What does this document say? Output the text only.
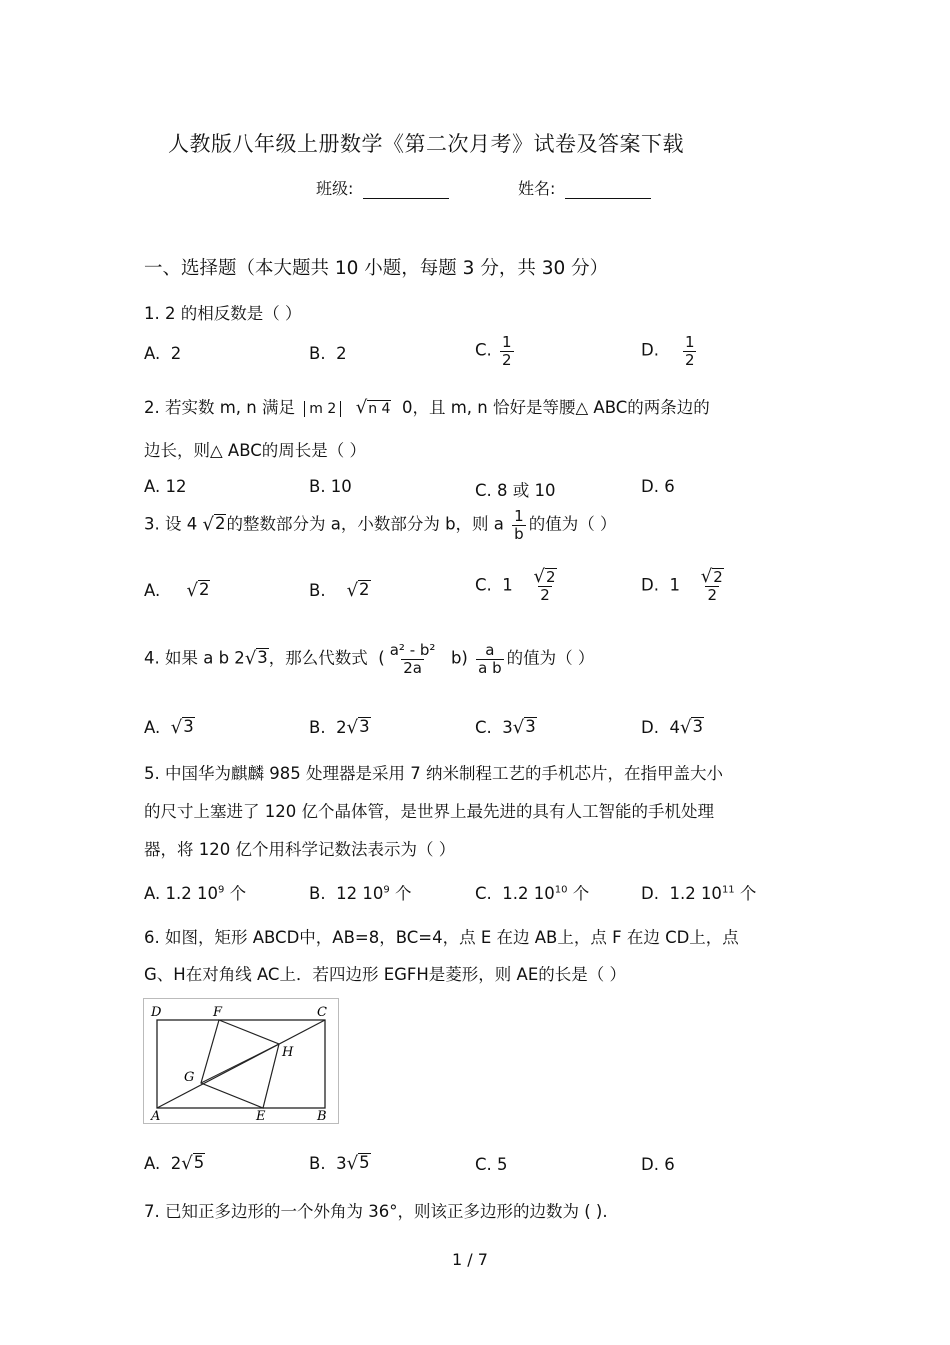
人教版八年级上册数学《第二次月考》试卷及答案下载
班级:	姓名:
一、选择题（本大题共 10 小题，每题 3 分，共 30 分）
1. 2 的相反数是（ ）
A. 2	B. 2	C. $\frac{1}{2}$	D. $\frac{1}{2}$
2. 若实数 m, n 满足 m 2 √ n 4 0，且 m, n 恰好是等腰△ ABC的两条边的
边长，则△ ABC的周长是（ ）
A. 12	B. 10	C. 8 或 10	D. 6
3. 设 4 √ 2 的整数部分为 a，小数部分为 b，则 a $\frac{1}{b}$ 的值为（ ）
A. √ 2	B. √ 2	C. $1 \frac{√ 2}{2}$	D. $1 \frac{√ 2}{2}$
4. 如果 a b 2 √ 3 ，那么代数式  ( $\frac{\text{a² - b²}}{2a} b) \frac{a}{\text{a b}}$ 的值为（ ）
A. √ 3	B. 2 √ 3	C. 3 √ 3	D. 4 √ 3
5. 中国华为麒麟 985 处理器是采用 7 纳米制程工艺的手机芯片，在指甲盖大小
的尺寸上塞进了 120 亿个晶体管，是世界上最先进的具有人工智能的手机处理
器，将 120 亿个用科学记数法表示为（ ）
A. 1.2 $10^9$ 个	B. 12 $10^9$ 个	C. 1.2 $10^{10}$ 个	D. 1.2 $10^{11}$ 个
6. 如图，矩形 ABCD中，AB=8，BC=4，点 E 在边 AB上，点 F 在边 CD上，点
G、H在对角线 AC上．若四边形 EGFH是菱形，则 AE的长是（ ）
D	F	C
H
G
A	E	B
A. 2 √ 5	B. 3 √ 5	C. 5	D. 6
7. 已知正多边形的一个外角为 36°，则该正多边形的边数为 ( ).
1 / 7
